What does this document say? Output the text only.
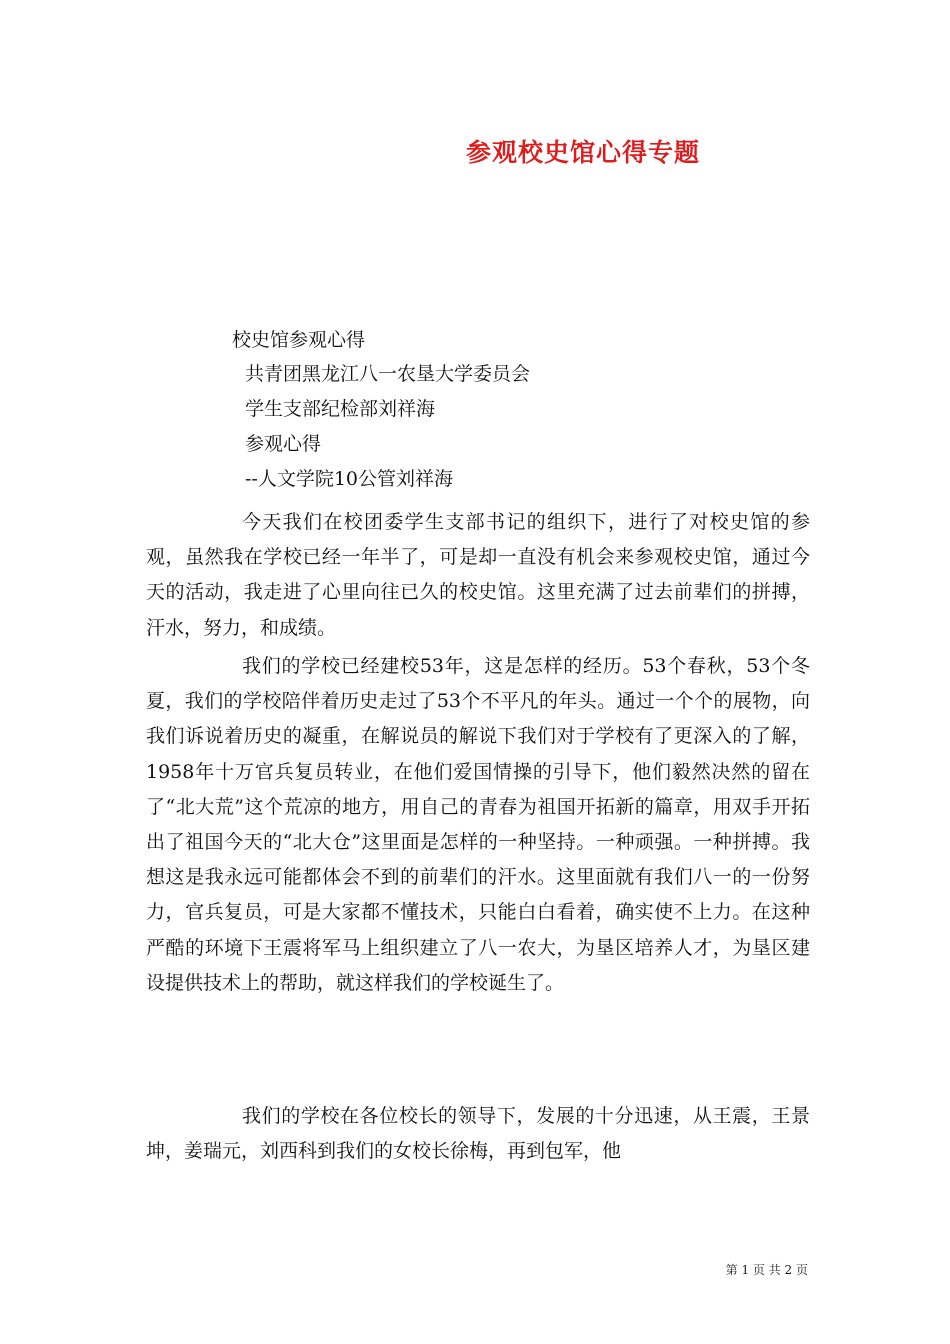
参观校史馆心得专题
校史馆参观心得
共青团黑龙江八一农垦大学委员会
学生支部纪检部刘祥海
参观心得
--人文学院10公管刘祥海
今天我们在校团委学生支部书记的组织下，进行了对校史馆的参观，虽然我在学校已经一年半了，可是却一直没有机会来参观校史馆，通过今天的活动，我走进了心里向往已久的校史馆。这里充满了过去前辈们的拼搏，汗水，努力，和成绩。
我们的学校已经建校53年，这是怎样的经历。53个春秋，53个冬夏，我们的学校陪伴着历史走过了53个不平凡的年头。通过一个个的展物，向我们诉说着历史的凝重，在解说员的解说下我们对于学校有了更深入的了解，1958年十万官兵复员转业，在他们爱国情操的引导下，他们毅然决然的留在了“北大荒”这个荒凉的地方，用自己的青春为祖国开拓新的篇章，用双手开拓出了祖国今天的“北大仓”这里面是怎样的一种坚持。一种顽强。一种拼搏。我想这是我永远可能都体会不到的前辈们的汗水。这里面就有我们八一的一份努力，官兵复员，可是大家都不懂技术，只能白白看着，确实使不上力。在这种严酷的环境下王震将军马上组织建立了八一农大，为垦区培养人才，为垦区建设提供技术上的帮助，就这样我们的学校诞生了。
我们的学校在各位校长的领导下，发展的十分迅速，从王震，王景坤，姜瑞元，刘西科到我们的女校长徐梅，再到包军，他
第 1 页 共 2 页
